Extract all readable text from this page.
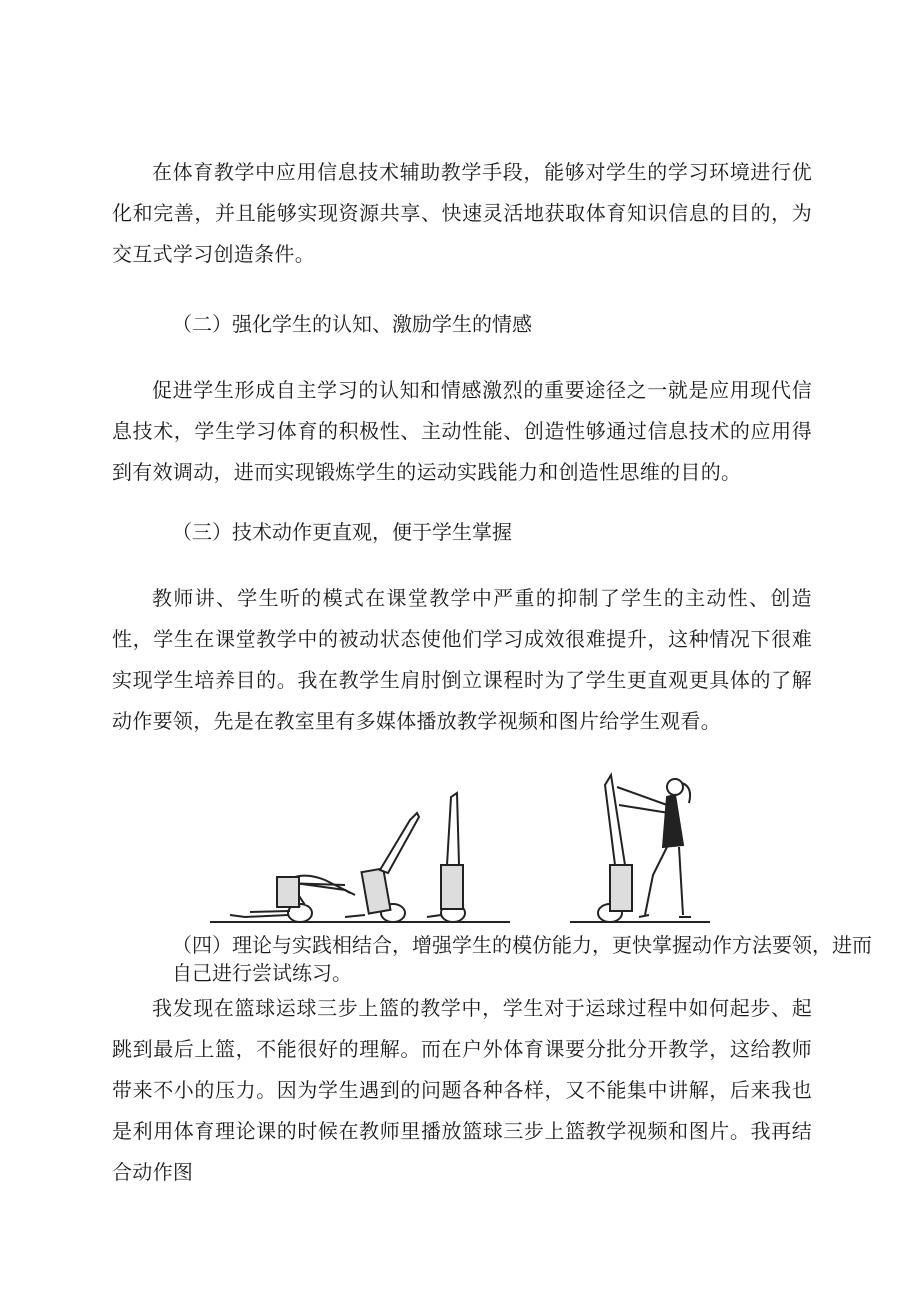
在体育教学中应用信息技术辅助教学手段，能够对学生的学习环境进行优化和完善，并且能够实现资源共享、快速灵活地获取体育知识信息的目的，为交互式学习创造条件。

（二）强化学生的认知、激励学生的情感

促进学生形成自主学习的认知和情感激烈的重要途径之一就是应用现代信息技术，学生学习体育的积极性、主动性能、创造性够通过信息技术的应用得到有效调动，进而实现锻炼学生的运动实践能力和创造性思维的目的。

（三）技术动作更直观，便于学生掌握

教师讲、学生听的模式在课堂教学中严重的抑制了学生的主动性、创造性，学生在课堂教学中的被动状态使他们学习成效很难提升，这种情况下很难实现学生培养目的。我在教学生肩肘倒立课程时为了学生更直观更具体的了解动作要领，先是在教室里有多媒体播放教学视频和图片给学生观看。

（四）理论与实践相结合，增强学生的模仿能力，更快掌握动作方法要领，进而自己进行尝试练习。

我发现在篮球运球三步上篮的教学中，学生对于运球过程中如何起步、起跳到最后上篮，不能很好的理解。而在户外体育课要分批分开教学，这给教师带来不小的压力。因为学生遇到的问题各种各样，又不能集中讲解，后来我也是利用体育理论课的时候在教师里播放篮球三步上篮教学视频和图片。我再结合动作图
